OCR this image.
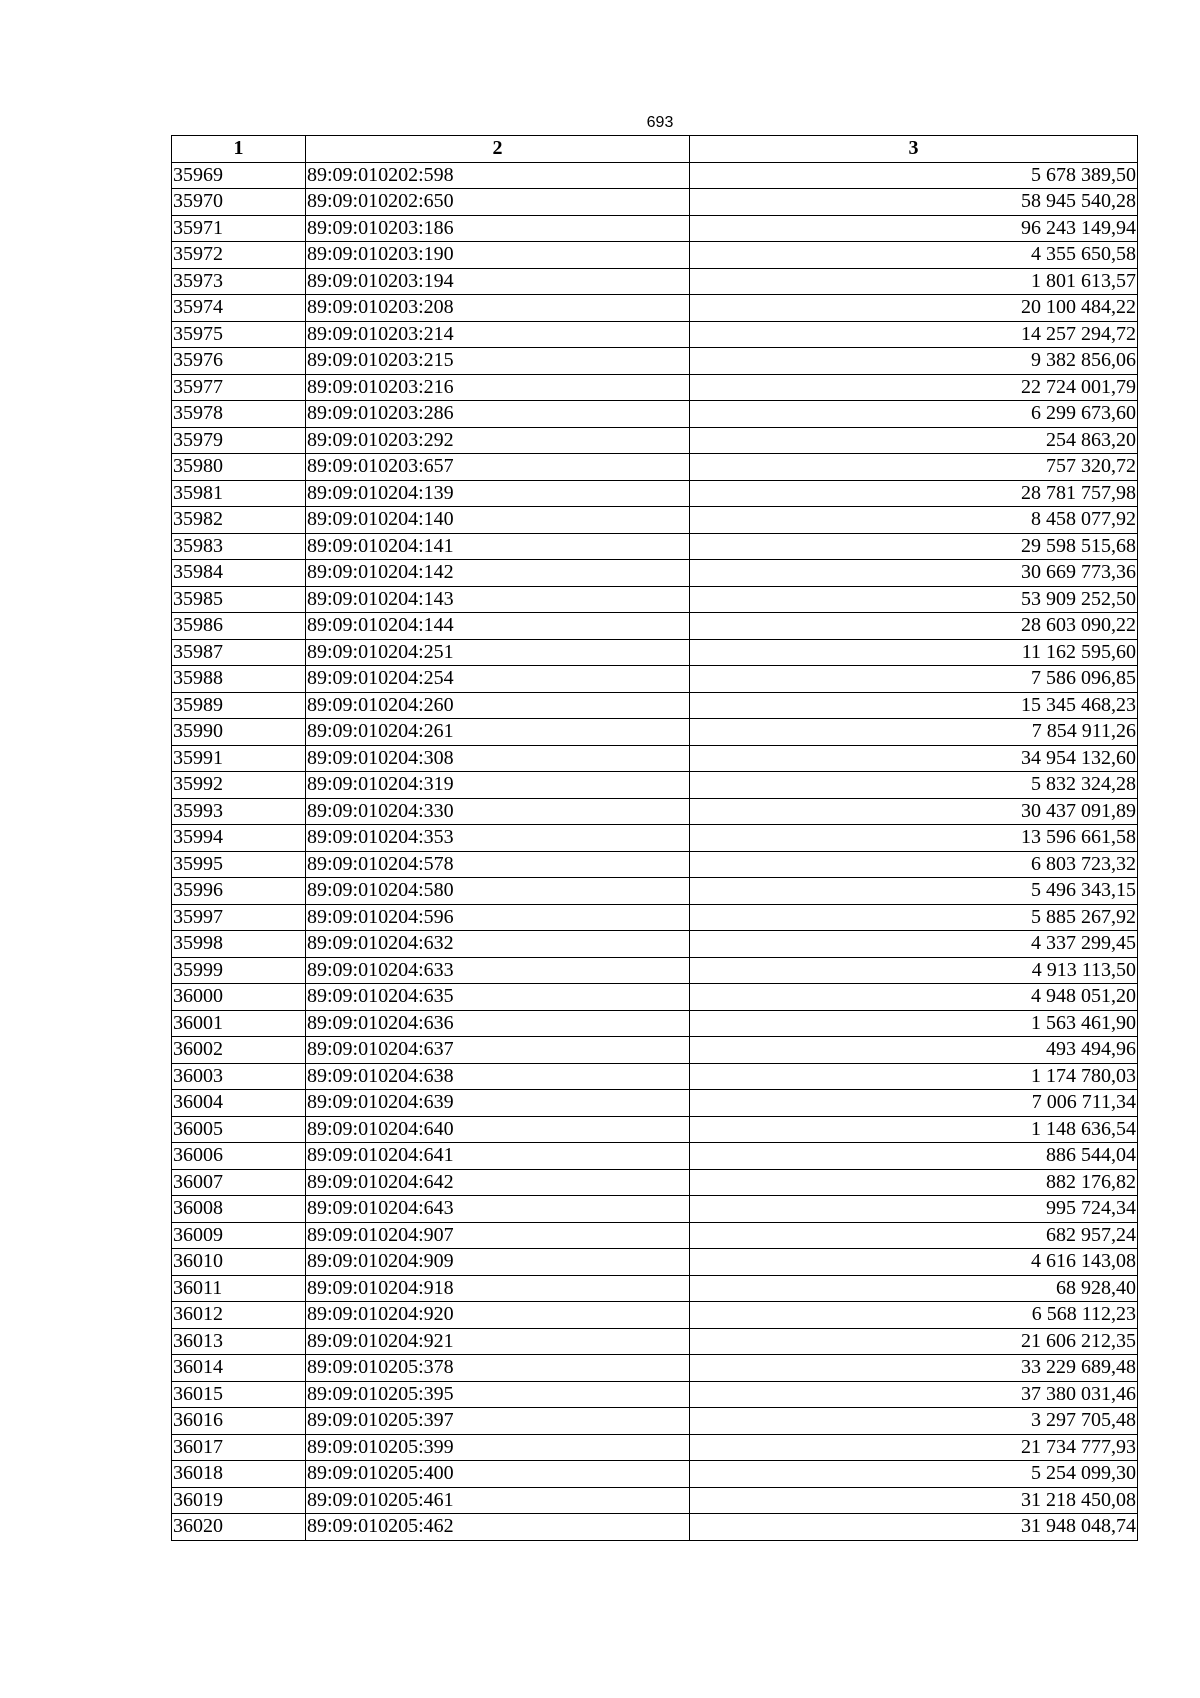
693
1	2	3
35969	89:09:010202:598	5 678 389,50
35970	89:09:010202:650	58 945 540,28
35971	89:09:010203:186	96 243 149,94
35972	89:09:010203:190	4 355 650,58
35973	89:09:010203:194	1 801 613,57
35974	89:09:010203:208	20 100 484,22
35975	89:09:010203:214	14 257 294,72
35976	89:09:010203:215	9 382 856,06
35977	89:09:010203:216	22 724 001,79
35978	89:09:010203:286	6 299 673,60
35979	89:09:010203:292	254 863,20
35980	89:09:010203:657	757 320,72
35981	89:09:010204:139	28 781 757,98
35982	89:09:010204:140	8 458 077,92
35983	89:09:010204:141	29 598 515,68
35984	89:09:010204:142	30 669 773,36
35985	89:09:010204:143	53 909 252,50
35986	89:09:010204:144	28 603 090,22
35987	89:09:010204:251	11 162 595,60
35988	89:09:010204:254	7 586 096,85
35989	89:09:010204:260	15 345 468,23
35990	89:09:010204:261	7 854 911,26
35991	89:09:010204:308	34 954 132,60
35992	89:09:010204:319	5 832 324,28
35993	89:09:010204:330	30 437 091,89
35994	89:09:010204:353	13 596 661,58
35995	89:09:010204:578	6 803 723,32
35996	89:09:010204:580	5 496 343,15
35997	89:09:010204:596	5 885 267,92
35998	89:09:010204:632	4 337 299,45
35999	89:09:010204:633	4 913 113,50
36000	89:09:010204:635	4 948 051,20
36001	89:09:010204:636	1 563 461,90
36002	89:09:010204:637	493 494,96
36003	89:09:010204:638	1 174 780,03
36004	89:09:010204:639	7 006 711,34
36005	89:09:010204:640	1 148 636,54
36006	89:09:010204:641	886 544,04
36007	89:09:010204:642	882 176,82
36008	89:09:010204:643	995 724,34
36009	89:09:010204:907	682 957,24
36010	89:09:010204:909	4 616 143,08
36011	89:09:010204:918	68 928,40
36012	89:09:010204:920	6 568 112,23
36013	89:09:010204:921	21 606 212,35
36014	89:09:010205:378	33 229 689,48
36015	89:09:010205:395	37 380 031,46
36016	89:09:010205:397	3 297 705,48
36017	89:09:010205:399	21 734 777,93
36018	89:09:010205:400	5 254 099,30
36019	89:09:010205:461	31 218 450,08
36020	89:09:010205:462	31 948 048,74
